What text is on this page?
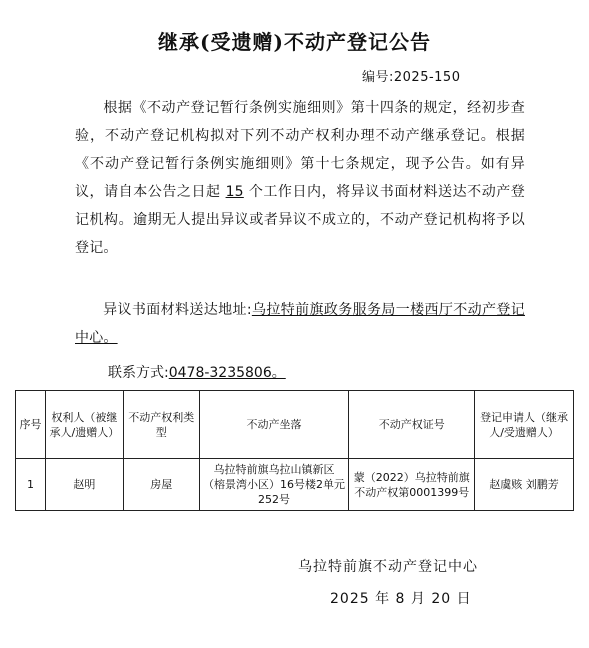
继承(受遗赠)不动产登记公告
编号:2025-150
根据《不动产登记暂行条例实施细则》第十四条的规定，经初步查验，不动产登记机构拟对下列不动产权利办理不动产继承登记。根据《不动产登记暂行条例实施细则》第十七条规定，现予公告。如有异议，请自本公告之日起 15 个工作日内，将异议书面材料送达不动产登记机构。逾期无人提出异议或者异议不成立的，不动产登记机构将予以登记。
异议书面材料送达地址:乌拉特前旗政务服务局一楼西厅不动产登记中心。
联系方式:0478-3235806。
序号	权利人（被继承人/遗赠人）	不动产权利类型	不动产坐落	不动产权证号	登记申请人（继承人/受遗赠人）
1	赵明	房屋	乌拉特前旗乌拉山镇新区（榕景湾小区）16号楼2单元252号	蒙（2022）乌拉特前旗不动产权第0001399号	赵虞赅 刘鹏芳
乌拉特前旗不动产登记中心
2025 年 8 月 20 日
